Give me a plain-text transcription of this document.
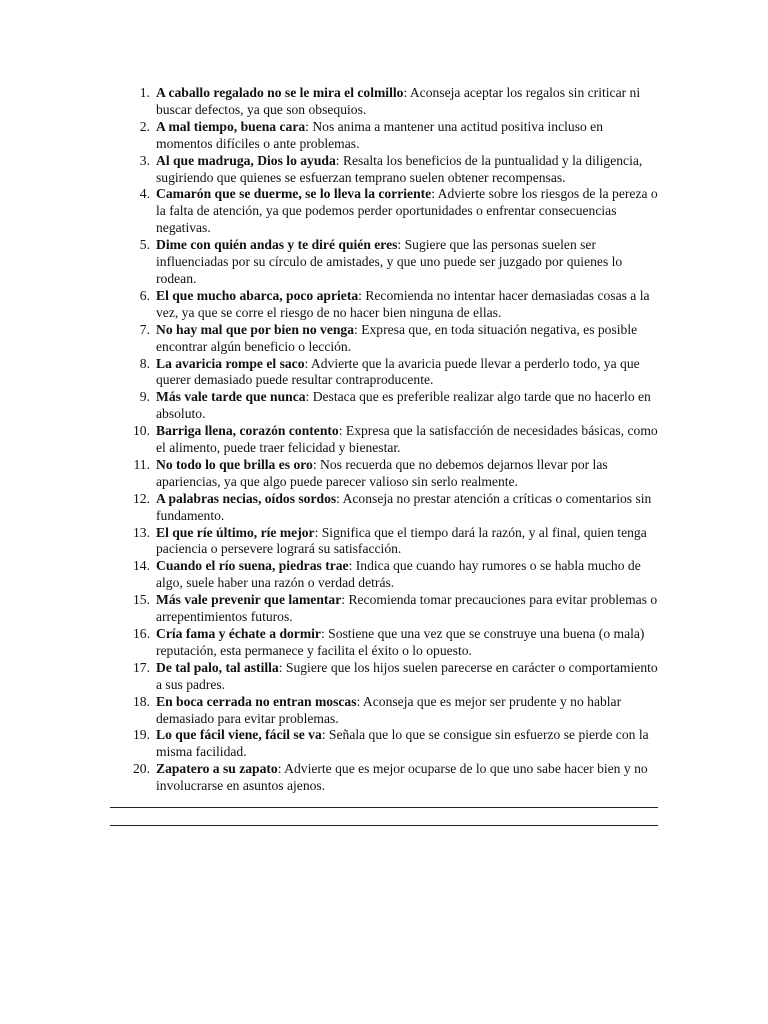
1. A caballo regalado no se le mira el colmillo: Aconseja aceptar los regalos sin criticar ni buscar defectos, ya que son obsequios.
2. A mal tiempo, buena cara: Nos anima a mantener una actitud positiva incluso en momentos difíciles o ante problemas.
3. Al que madruga, Dios lo ayuda: Resalta los beneficios de la puntualidad y la diligencia, sugiriendo que quienes se esfuerzan temprano suelen obtener recompensas.
4. Camarón que se duerme, se lo lleva la corriente: Advierte sobre los riesgos de la pereza o la falta de atención, ya que podemos perder oportunidades o enfrentar consecuencias negativas.
5. Dime con quién andas y te diré quién eres: Sugiere que las personas suelen ser influenciadas por su círculo de amistades, y que uno puede ser juzgado por quienes lo rodean.
6. El que mucho abarca, poco aprieta: Recomienda no intentar hacer demasiadas cosas a la vez, ya que se corre el riesgo de no hacer bien ninguna de ellas.
7. No hay mal que por bien no venga: Expresa que, en toda situación negativa, es posible encontrar algún beneficio o lección.
8. La avaricia rompe el saco: Advierte que la avaricia puede llevar a perderlo todo, ya que querer demasiado puede resultar contraproducente.
9. Más vale tarde que nunca: Destaca que es preferible realizar algo tarde que no hacerlo en absoluto.
10. Barriga llena, corazón contento: Expresa que la satisfacción de necesidades básicas, como el alimento, puede traer felicidad y bienestar.
11. No todo lo que brilla es oro: Nos recuerda que no debemos dejarnos llevar por las apariencias, ya que algo puede parecer valioso sin serlo realmente.
12. A palabras necias, oídos sordos: Aconseja no prestar atención a críticas o comentarios sin fundamento.
13. El que ríe último, ríe mejor: Significa que el tiempo dará la razón, y al final, quien tenga paciencia o persevere logrará su satisfacción.
14. Cuando el río suena, piedras trae: Indica que cuando hay rumores o se habla mucho de algo, suele haber una razón o verdad detrás.
15. Más vale prevenir que lamentar: Recomienda tomar precauciones para evitar problemas o arrepentimientos futuros.
16. Cría fama y échate a dormir: Sostiene que una vez que se construye una buena (o mala) reputación, esta permanece y facilita el éxito o lo opuesto.
17. De tal palo, tal astilla: Sugiere que los hijos suelen parecerse en carácter o comportamiento a sus padres.
18. En boca cerrada no entran moscas: Aconseja que es mejor ser prudente y no hablar demasiado para evitar problemas.
19. Lo que fácil viene, fácil se va: Señala que lo que se consigue sin esfuerzo se pierde con la misma facilidad.
20. Zapatero a su zapato: Advierte que es mejor ocuparse de lo que uno sabe hacer bien y no involucrarse en asuntos ajenos.
